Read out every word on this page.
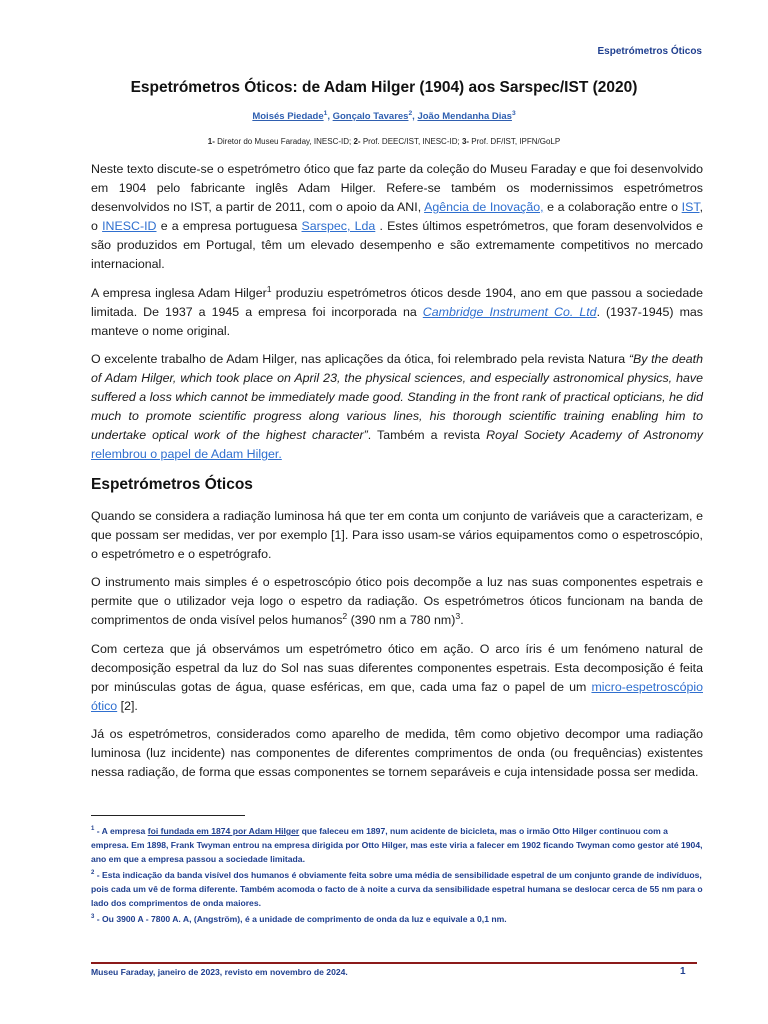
Espetrómetros Óticos
Espetrómetros Óticos: de Adam Hilger (1904) aos Sarspec/IST (2020)
Moisés Piedade$^1$, Gonçalo Tavares$^2$, João Mendanha Dias$^3$
1- Diretor do Museu Faraday, INESC-ID; 2- Prof. DEEC/IST, INESC-ID; 3- Prof. DF/IST, IPFN/GoLP

Neste texto discute-se o espetrómetro ótico que faz parte da coleção do Museu Faraday e que foi desenvolvido em 1904 pelo fabricante inglês Adam Hilger. Refere-se também os modernissimos espetrómetros desenvolvidos no IST, a partir de 2011, com o apoio da ANI, Agência de Inovação, e a colaboração entre o IST, o INESC-ID e a empresa portuguesa Sarspec, Lda . Estes últimos espetrómetros, que foram desenvolvidos e são produzidos em Portugal, têm um elevado desempenho e são extremamente competitivos no mercado internacional.

A empresa inglesa Adam Hilger$^1$ produziu espetrómetros óticos desde 1904, ano em que passou a sociedade limitada. De 1937 a 1945 a empresa foi incorporada na Cambridge Instrument Co. Ltd. (1937-1945) mas manteve o nome original.

O excelente trabalho de Adam Hilger, nas aplicações da ótica, foi relembrado pela revista Natura “By the death of Adam Hilger, which took place on April 23, the physical sciences, and especially astronomical physics, have suffered a loss which cannot be immediately made good. Standing in the front rank of practical opticians, he did much to promote scientific progress along various lines, his thorough scientific training enabling him to undertake optical work of the highest character”. Também a revista Royal Society Academy of Astronomy relembrou o papel de Adam Hilger.

Espetrómetros Óticos

Quando se considera a radiação luminosa há que ter em conta um conjunto de variáveis que a caracterizam, e que possam ser medidas, ver por exemplo [1]. Para isso usam-se vários equipamentos como o espetroscópio, o espetrómetro e o espetrógrafo.

O instrumento mais simples é o espetroscópio ótico pois decompõe a luz nas suas componentes espetrais e permite que o utilizador veja logo o espetro da radiação. Os espetrómetros óticos funcionam na banda de comprimentos de onda visível pelos humanos$^2$ (390 nm a 780 nm)$^3$.

Com certeza que já observámos um espetrómetro ótico em ação. O arco íris é um fenómeno natural de decomposição espetral da luz do Sol nas suas diferentes componentes espetrais. Esta decomposição é feita por minúsculas gotas de água, quase esféricas, em que, cada uma faz o papel de um micro-espetroscópio ótico [2].

Já os espetrómetros, considerados como aparelho de medida, têm como objetivo decompor uma radiação luminosa (luz incidente) nas componentes de diferentes comprimentos de onda (ou frequências) existentes nessa radiação, de forma que essas componentes se tornem separáveis e cuja intensidade possa ser medida.

$^1$ - A empresa foi fundada em 1874 por Adam Hilger que faleceu em 1897, num acidente de bicicleta, mas o irmão Otto Hilger continuou com a empresa. Em 1898, Frank Twyman entrou na empresa dirigida por Otto Hilger, mas este viria a falecer em 1902 ficando Twyman como gestor até 1904, ano em que a empresa passou a sociedade limitada.

$^2$ - Esta indicação da banda visível dos humanos é obviamente feita sobre uma média de sensibilidade espetral de um conjunto grande de indivíduos, pois cada um vê de forma diferente. Também acomoda o facto de à noite a curva da sensibilidade espetral humana se deslocar cerca de 55 nm para o lado dos comprimentos de onda maiores.

$^3$ - Ou 3900 A - 7800 A. A, (Angström), é a unidade de comprimento de onda da luz e equivale a 0,1 nm.

Museu Faraday, janeiro de 2023, revisto em novembro de 2024.	1
